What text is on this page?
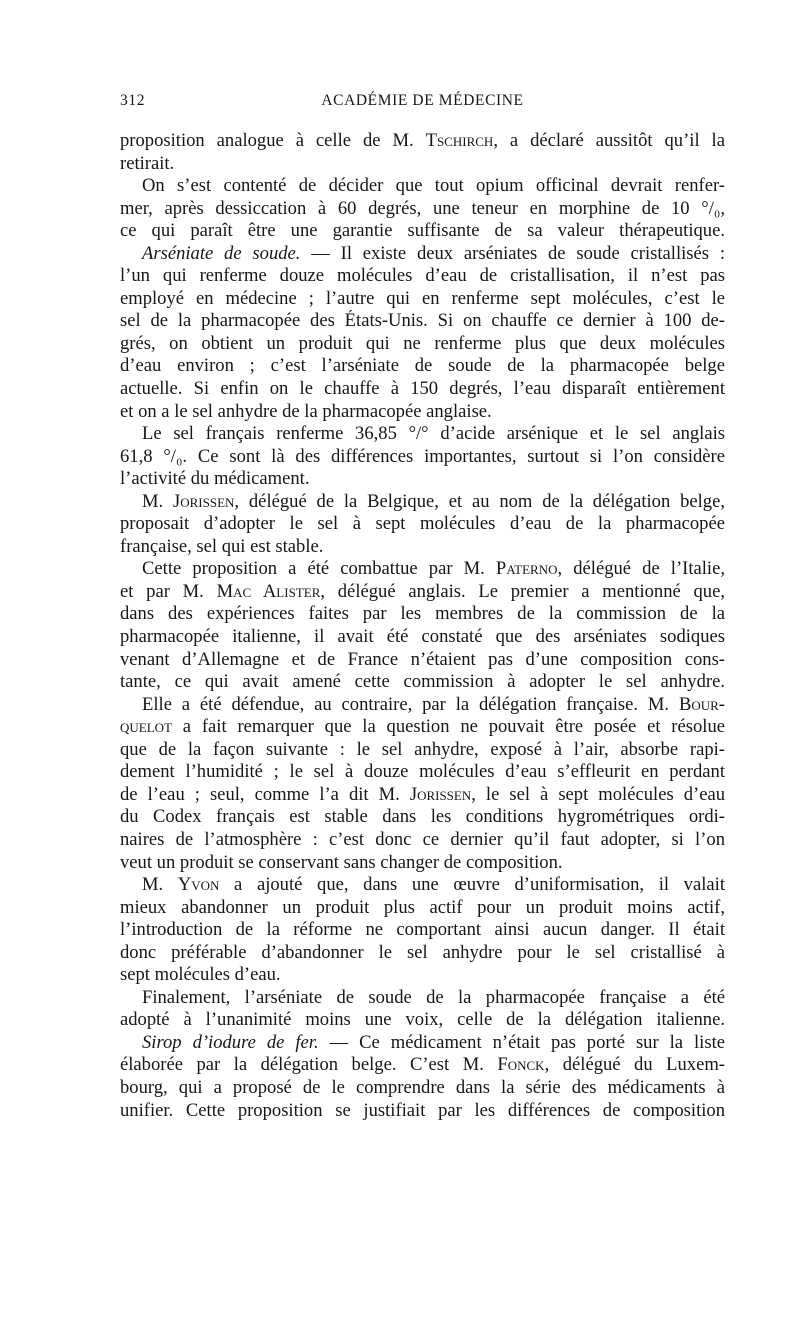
312	ACADÉMIE DE MÉDECINE
proposition analogue à celle de M. Tschirch, a déclaré aussitôt qu’il la
retirait.
On s’est contenté de décider que tout opium officinal devrait renfer-
mer, après dessiccation à 60 degrés, une teneur en morphine de 10 °/₀,
ce qui paraît être une garantie suffisante de sa valeur thérapeutique.
Arséniate de soude. — Il existe deux arséniates de soude cristallisés :
l’un qui renferme douze molécules d’eau de cristallisation, il n’est pas
employé en médecine ; l’autre qui en renferme sept molécules, c’est le
sel de la pharmacopée des États-Unis. Si on chauffe ce dernier à 100 de-
grés, on obtient un produit qui ne renferme plus que deux molécules
d’eau environ ; c’est l’arséniate de soude de la pharmacopée belge
actuelle. Si enfin on le chauffe à 150 degrés, l’eau disparaît entièrement
et on a le sel anhydre de la pharmacopée anglaise.
Le sel français renferme 36,85 °/° d’acide arsénique et le sel anglais
61,8 °/₀. Ce sont là des différences importantes, surtout si l’on considère
l’activité du médicament.
M. Jorissen, délégué de la Belgique, et au nom de la délégation belge,
proposait d’adopter le sel à sept molécules d’eau de la pharmacopée
française, sel qui est stable.
Cette proposition a été combattue par M. Paterno, délégué de l’Italie,
et par M. Mac Alister, délégué anglais. Le premier a mentionné que,
dans des expériences faites par les membres de la commission de la
pharmacopée italienne, il avait été constaté que des arséniates sodiques
venant d’Allemagne et de France n’étaient pas d’une composition cons-
tante, ce qui avait amené cette commission à adopter le sel anhydre.
Elle a été défendue, au contraire, par la délégation française. M. Bour-
quelot a fait remarquer que la question ne pouvait être posée et résolue
que de la façon suivante : le sel anhydre, exposé à l’air, absorbe rapi-
dement l’humidité ; le sel à douze molécules d’eau s’effleurit en perdant
de l’eau ; seul, comme l’a dit M. Jorissen, le sel à sept molécules d’eau
du Codex français est stable dans les conditions hygrométriques ordi-
naires de l’atmosphère : c’est donc ce dernier qu’il faut adopter, si l’on
veut un produit se conservant sans changer de composition.
M. Yvon a ajouté que, dans une œuvre d’uniformisation, il valait
mieux abandonner un produit plus actif pour un produit moins actif,
l’introduction de la réforme ne comportant ainsi aucun danger. Il était
donc préférable d’abandonner le sel anhydre pour le sel cristallisé à
sept molécules d’eau.
Finalement, l’arséniate de soude de la pharmacopée française a été
adopté à l’unanimité moins une voix, celle de la délégation italienne.
Sirop d’iodure de fer. — Ce médicament n’était pas porté sur la liste
élaborée par la délégation belge. C’est M. Fonck, délégué du Luxem-
bourg, qui a proposé de le comprendre dans la série des médicaments à
unifier. Cette proposition se justifiait par les différences de composition
